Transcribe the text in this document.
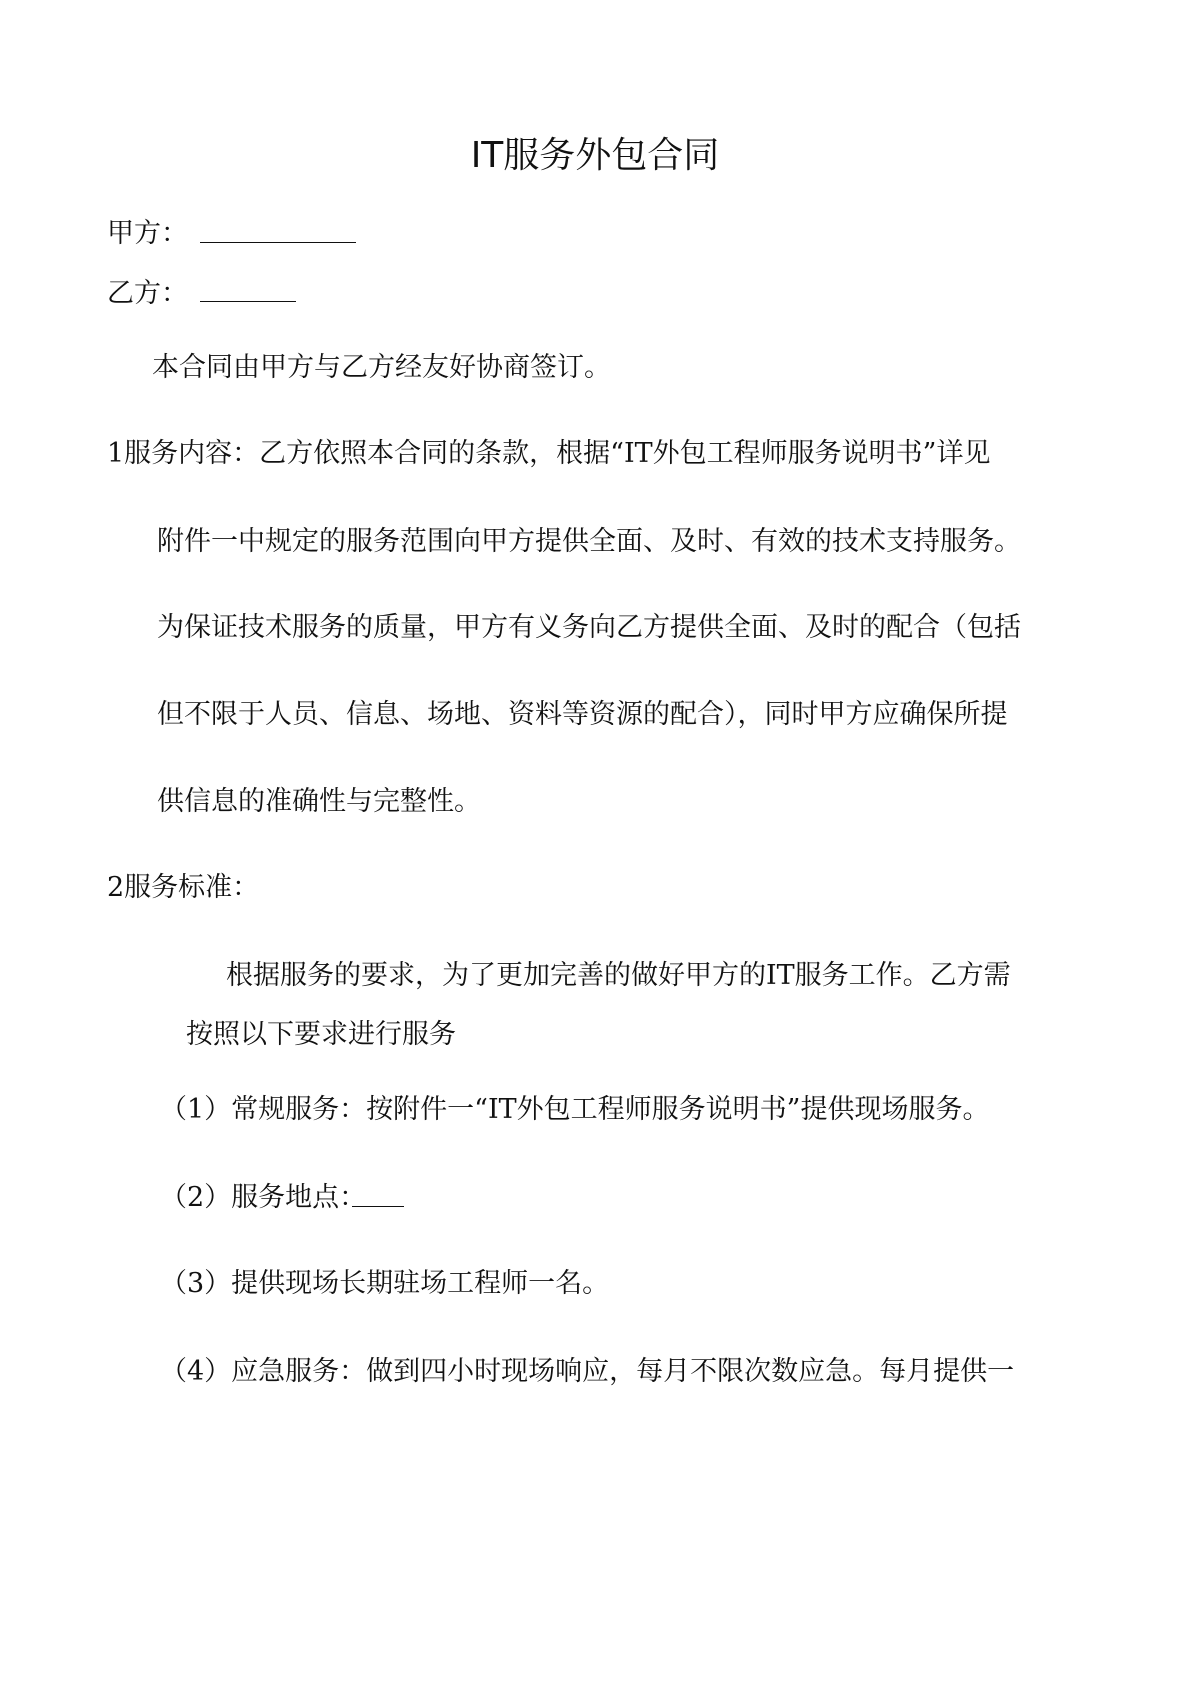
IT服务外包合同
甲方：
乙方：
本合同由甲方与乙方经友好协商签订。
1服务内容：乙方依照本合同的条款，根据“IT外包工程师服务说明书”详见
附件一中规定的服务范围向甲方提供全面、及时、有效的技术支持服务。
为保证技术服务的质量，甲方有义务向乙方提供全面、及时的配合（包括
但不限于人员、信息、场地、资料等资源的配合），同时甲方应确保所提
供信息的准确性与完整性。
2服务标准：
根据服务的要求，为了更加完善的做好甲方的IT服务工作。乙方需
按照以下要求进行服务
（1）常规服务：按附件一“IT外包工程师服务说明书”提供现场服务。
（2）服务地点：
（3）提供现场长期驻场工程师一名。
（4）应急服务：做到四小时现场响应，每月不限次数应急。每月提供一
